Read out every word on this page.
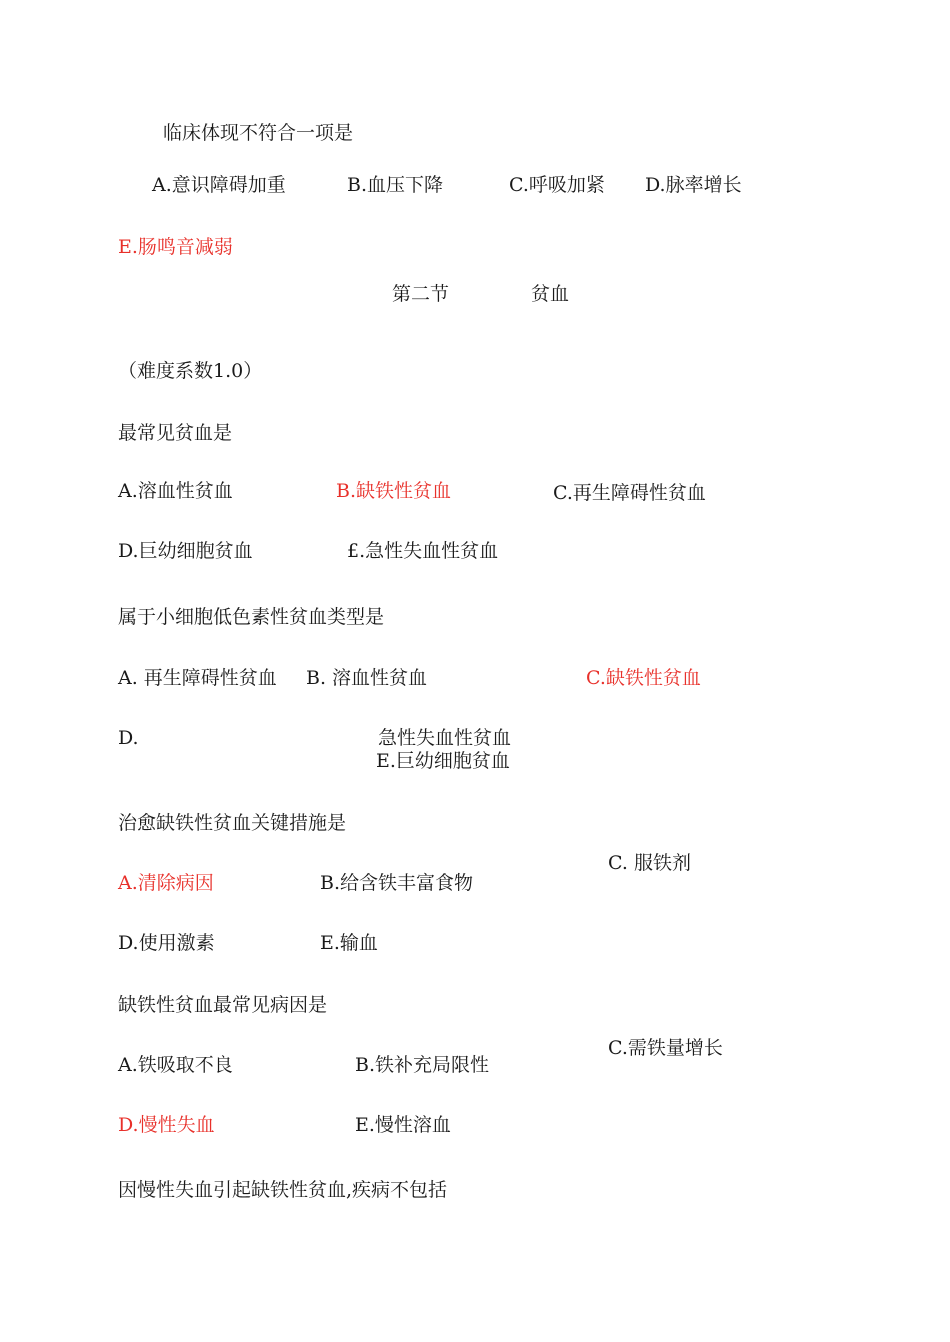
临床体现不符合一项是
A.意识障碍加重	B.血压下降	C.呼吸加紧 D.脉率增长
E.肠鸣音减弱
第二节	贫血
（难度系数1.0）
最常见贫血是
A.溶血性贫血	B.缺铁性贫血	C.再生障碍性贫血
D.巨幼细胞贫血	£.急性失血性贫血
属于小细胞低色素性贫血类型是
A. 再生障碍性贫血 B. 溶血性贫血	C.缺铁性贫血
D.	急性失血性贫血
E.巨幼细胞贫血
治愈缺铁性贫血关键措施是
C. 服铁剂
A.清除病因	B.给含铁丰富食物
D.使用激素	E.输血
缺铁性贫血最常见病因是
C.需铁量增长
A.铁吸取不良	B.铁补充局限性
D.慢性失血	E.慢性溶血
因慢性失血引起缺铁性贫血,疾病不包括
